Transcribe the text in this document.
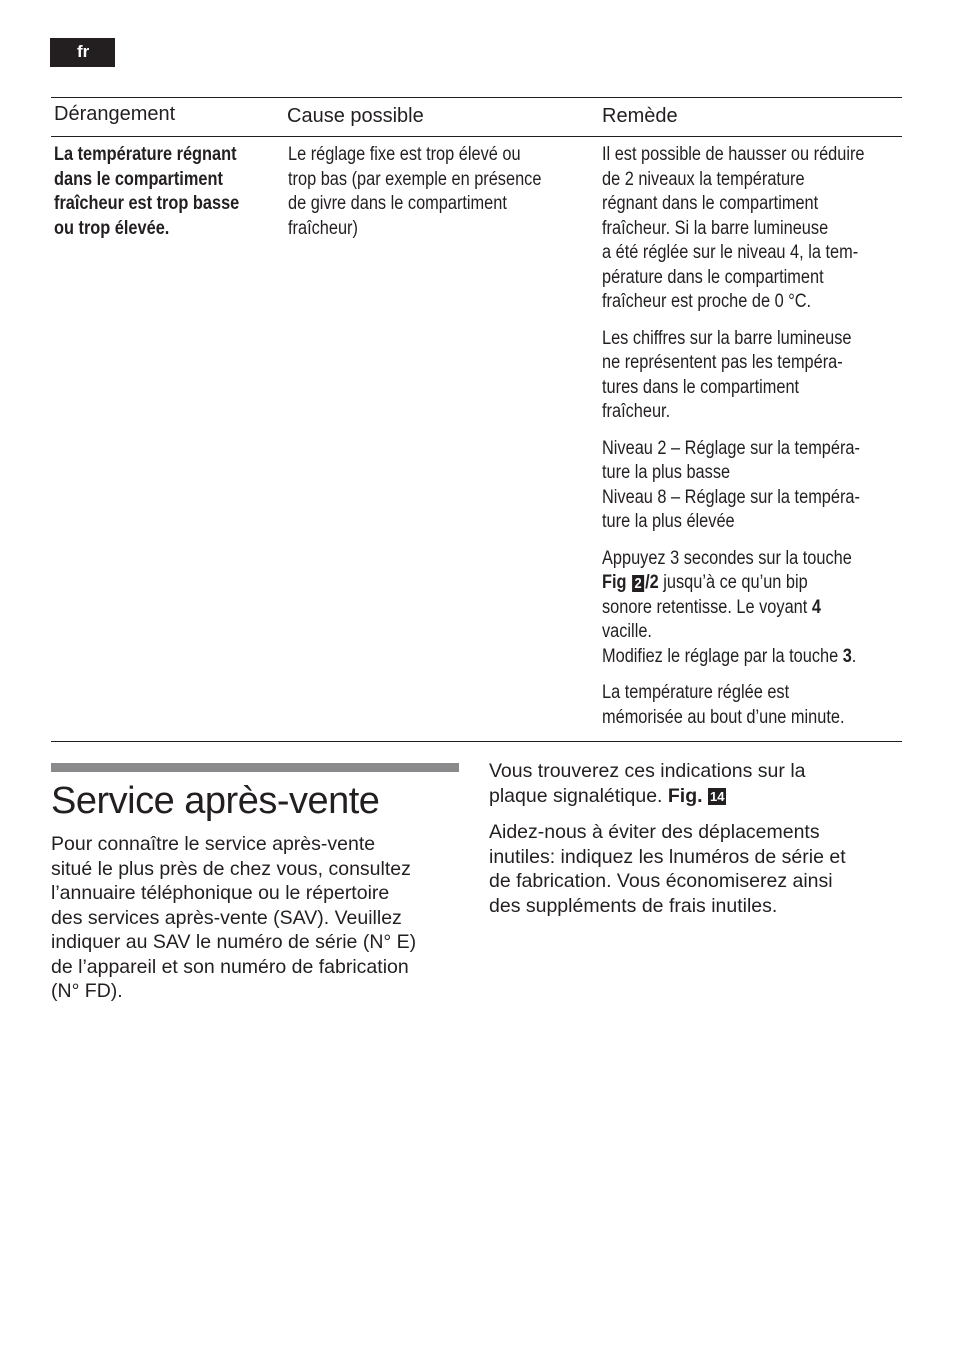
fr
Dérangement	Cause possible	Remède
La température régnant
dans le compartiment
fraîcheur est trop basse
ou trop élevée.
Le réglage fixe est trop élevé ou
trop bas (par exemple en présence
de givre dans le compartiment
fraîcheur)

Il est possible de hausser ou réduire
de 2 niveaux la température
régnant dans le compartiment
fraîcheur. Si la barre lumineuse
a été réglée sur le niveau 4, la tem-
pérature dans le compartiment
fraîcheur est proche de 0 °C.

Les chiffres sur la barre lumineuse
ne représentent pas les tempéra-
tures dans le compartiment
fraîcheur.

Niveau 2 – Réglage sur la tempéra-
ture la plus basse
Niveau 8 – Réglage sur la tempéra-
ture la plus élevée

Appuyez 3 secondes sur la touche
Fig 2 /2 jusqu’à ce qu’un bip
sonore retentisse. Le voyant 4
vacille.
Modifiez le réglage par la touche 3.

La température réglée est
mémorisée au bout d’une minute.

Service après-vente
Pour connaître le service après-vente
situé le plus près de chez vous, consultez
l’annuaire téléphonique ou le répertoire
des services après-vente (SAV). Veuillez
indiquer au SAV le numéro de série (N° E)
de l’appareil et son numéro de fabrication
(N° FD).

Vous trouverez ces indications sur la
plaque signalétique. Fig. 14

Aidez-nous à éviter des déplacements
inutiles: indiquez les lnuméros de série et
de fabrication. Vous économiserez ainsi
des suppléments de frais inutiles.
